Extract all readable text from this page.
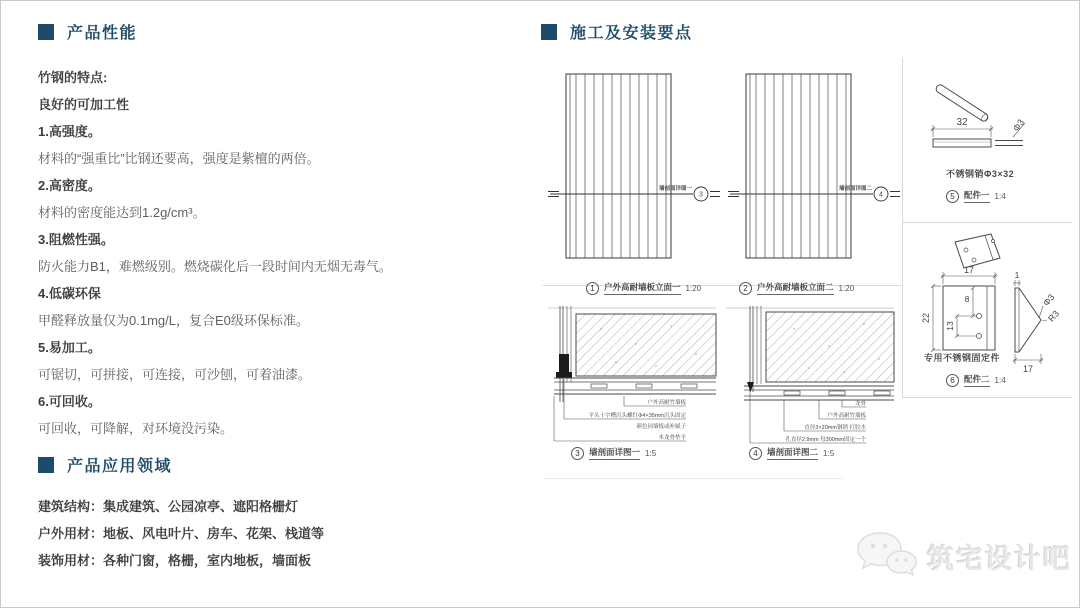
产品性能

竹钢的特点:

良好的可加工性

1.高强度。

材料的“强重比”比钢还要高，强度是紫檀的两倍。

2.高密度。

材料的密度能达到1.2g/cm³。

3.阻燃性强。

防火能力B1，难燃级别。燃烧碳化后一段时间内无烟无毒气。

4.低碳环保

甲醛释放量仅为0.1mg/L，复合E0级环保标准。

5.易加工。

可锯切，可拼接，可连接，可沙刨，可着油漆。

6.可回收。

可回收，可降解，对环境没污染。

产品应用领域

建筑结构：集成建筑、公园凉亭、遮阳格栅灯

户外用材：地板、风电叶片、房车、花架、栈道等

装饰用材：各种门窗，格栅，室内地板，墙面板

施工及安装要点
墙剖面详图一
3
墙剖面详图二
4
1	户外高耐墙板立面一 1:20	2	户外高耐墙板立面二 1:20
户外高耐竹墙板
平头十字槽沉头螺钉Φ4×35mm沉头固定
颜色同墙板或补腻子
木龙骨垫平
龙骨
户外高耐竹墙板
直径3×20mm钢销 打胶水
孔直径2.9mm 每300mm固定一个
3	墙剖面详图一 1:5	4	墙剖面详图二 1:5
32	Φ3
不锈钢销Φ3×32
5	配件一 1:4
17
8
13
22
1
Φ3
R3
17
专用不锈钢固定件
6	配件二 1:4
筑宅设计吧
